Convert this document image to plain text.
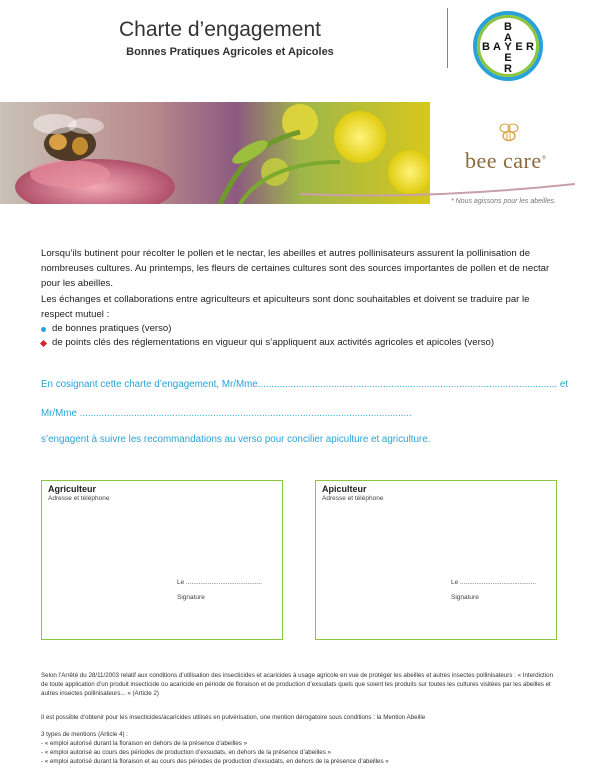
Charte d’engagement
Bonnes Pratiques Agricoles et Apicoles
B
A
B A Y E R
E
R
bee care®
* Nous agissons pour les abeilles.
Lorsqu’ils butinent pour récolter le pollen et le nectar, les abeilles et autres pollinisateurs assurent la pollinisation de nombreuses cultures. Au printemps, les fleurs de certaines cultures sont des sources importantes de pollen et de nectar pour les abeilles.
Les échanges et collaborations entre agriculteurs et apiculteurs sont donc souhaitables et doivent se traduire par le respect mutuel :
de bonnes pratiques (verso)
de points clés des réglementations en vigueur qui s’appliquent aux activités agricoles et apicoles (verso)
En cosignant cette charte d’engagement, Mr/Mme.............................................................................................................. et
Mr/Mme ..........................................................................................................................
s’engagent à suivre les recommandations au verso pour concilier apiculture et agriculture.
Agriculteur
Adresse et téléphone
Le ..........................................
Signature
Apiculteur
Adresse et téléphone
Le ..........................................
Signature
Selon l’Arrêté du 28/11/2003 relatif aux conditions d’utilisation des insecticides et acaricides à usage agricole en vue de protéger les abeilles et autres insectes pollinisateurs : « Interdiction de toute application d’un produit insecticide ou acaricide en période de floraison et de production d’exsudats quels que soient les produits sur toutes les cultures visitées par les abeilles et autres insectes pollinisateurs... » (Article 2)
Il est possible d’obtenir pour les insecticides/acaricides utilisés en pulvérisation, une mention dérogatoire sous conditions : la Mention Abeille
3 types de mentions (Article 4) :
- « emploi autorisé durant la floraison en dehors de la présence d’abeilles »
- « emploi autorisé au cours des périodes de production d’exsudats, en dehors de la présence d’abeilles »
- « emploi autorisé durant la floraison et au cours des périodes de production d’exsudats, en dehors de la présence d’abeilles »
